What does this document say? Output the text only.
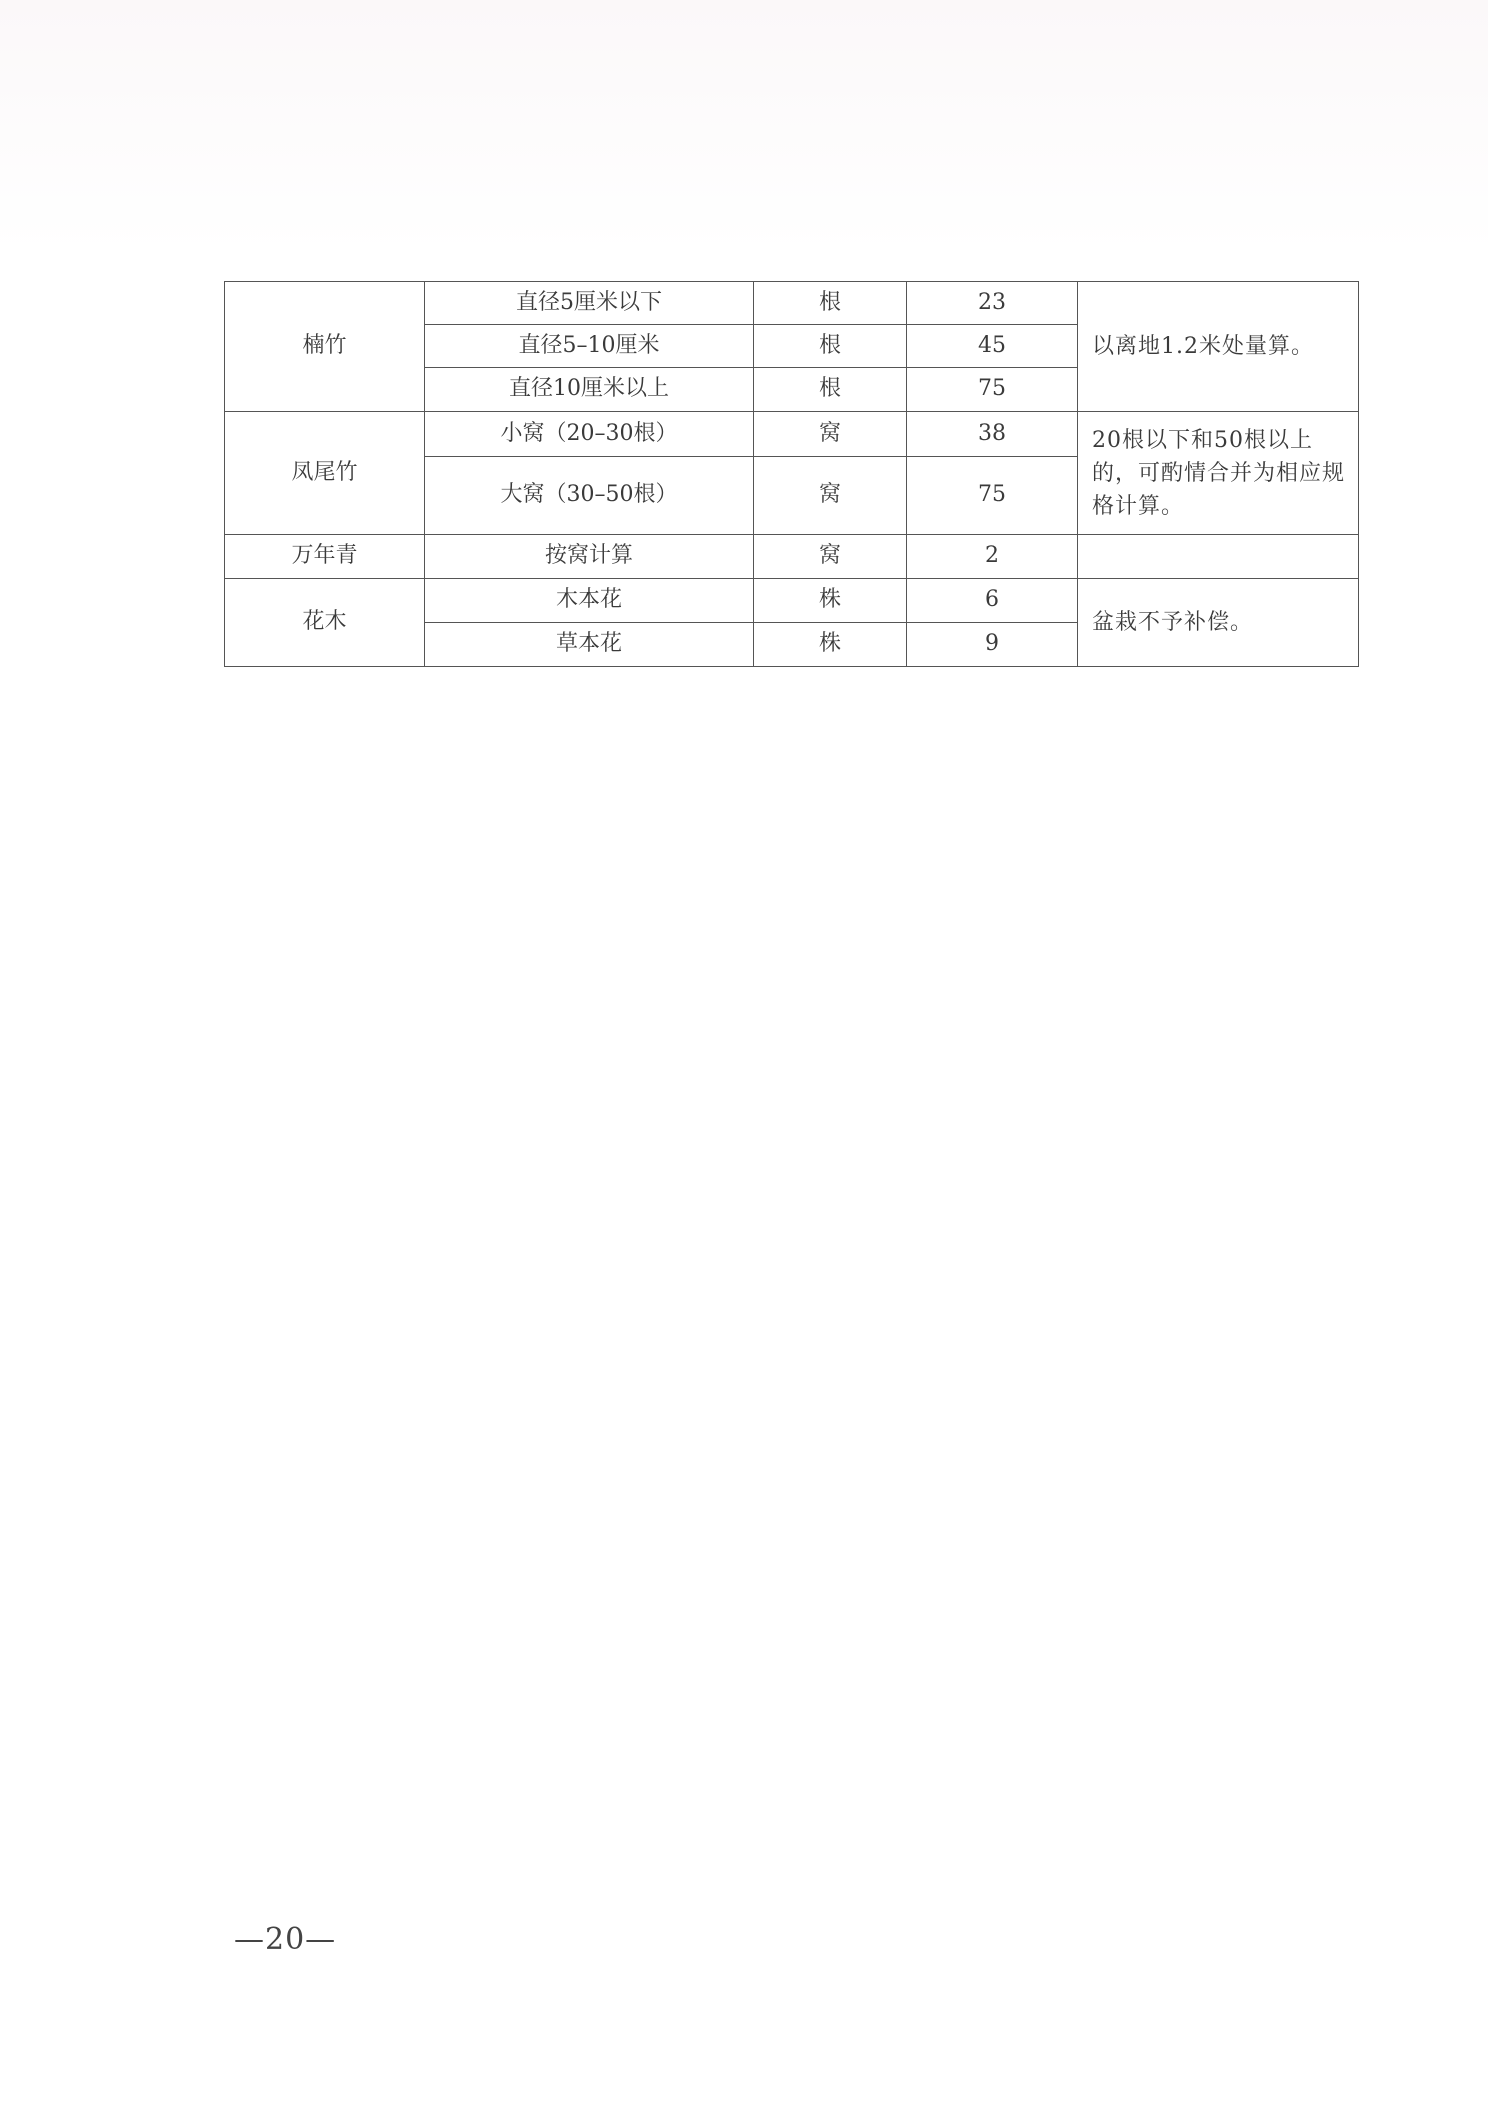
楠竹	直径5厘米以下	根	23	以离地1.2米处量算。
	直径5–10厘米	根	45	
	直径10厘米以上	根	75	
凤尾竹	小窝（20–30根）	窝	38	20根以下和50根以上的，可酌情合并为相应规格计算。
	大窝（30–50根）	窝	75	
万年青	按窝计算	窝	2	
花木	木本花	株	6	盆栽不予补偿。
	草本花	株	9	
—20—
